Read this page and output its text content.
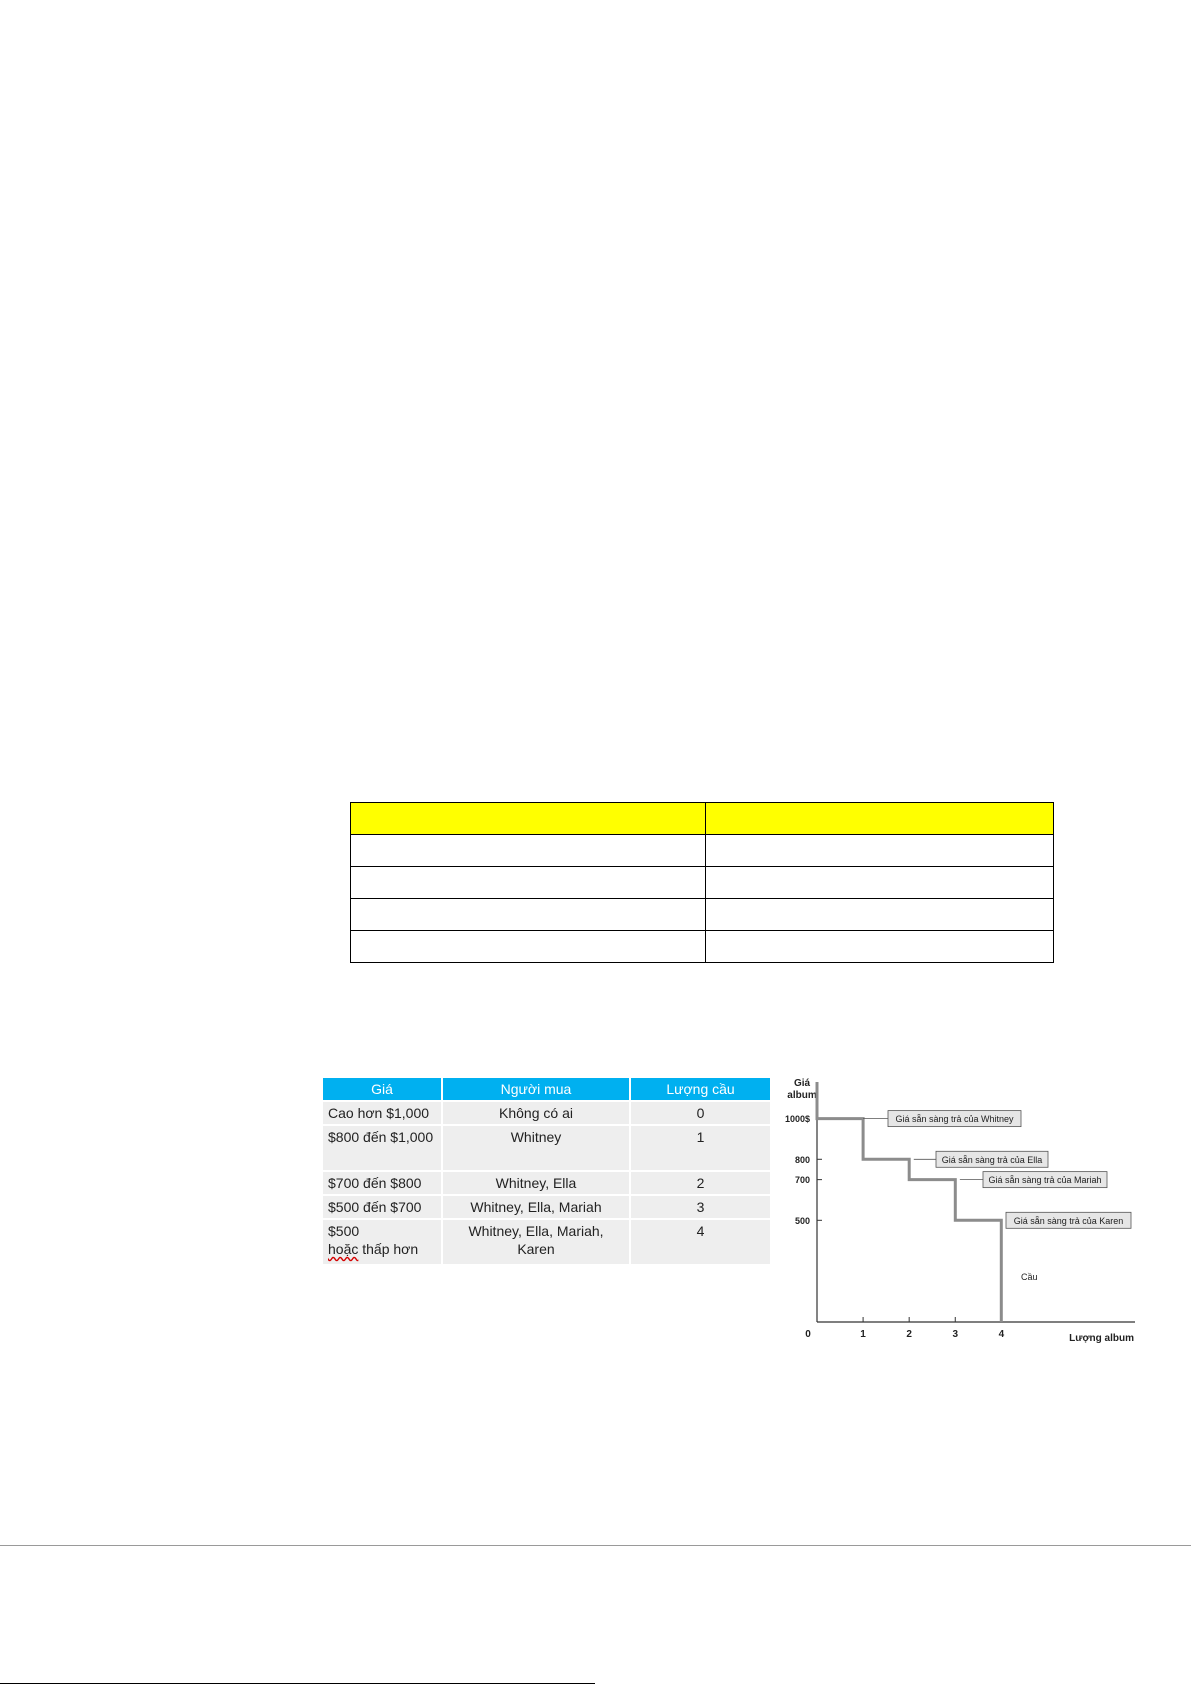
Giá	Người mua	Lượng cầu
Cao hơn $1,000	Không có ai	0
$800 đến $1,000	Whitney	1
$700 đến $800	Whitney, Ella	2
$500 đến $700	Whitney, Ella, Mariah	3
$500
hoặc thấp hơn	Whitney, Ella, Mariah, Karen	4
Giá
album
0	1	2	3	4
1000$
800
700
500
Giá sẵn sàng trả của Whitney
Giá sẵn sàng trả của Ella
Giá sẵn sàng trả của Mariah
Giá sẵn sàng trả của Karen
Cầu
Lượng album
